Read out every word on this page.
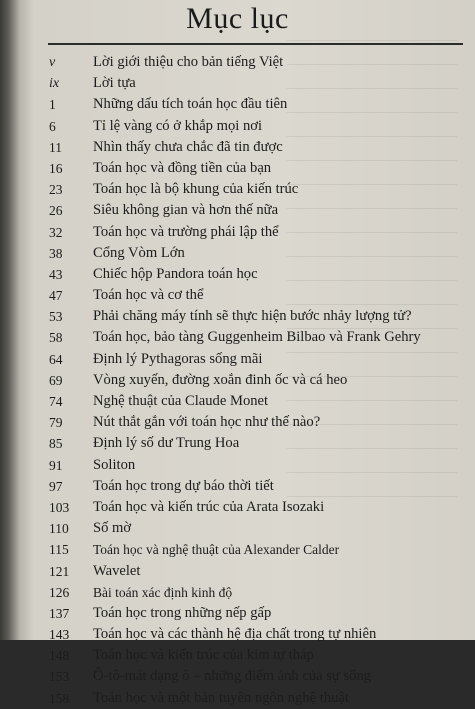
Mục lục
v	Lời giới thiệu cho bản tiếng Việt
ix Lời tựa
1	Những dấu tích toán học đầu tiên
6	Tỉ lệ vàng có ở khắp mọi nơi
11 Nhìn thấy chưa chắc đã tin được
16 Toán học và đồng tiền của bạn
23 Toán học là bộ khung của kiến trúc
26 Siêu không gian và hơn thế nữa
32 Toán học và trường phái lập thể
38 Cổng Vòm Lớn
43 Chiếc hộp Pandora toán học
47 Toán học và cơ thể
53 Phải chăng máy tính sẽ thực hiện bước nhảy lượng tử?
58 Toán học, bảo tàng Guggenheim Bilbao và Frank Gehry
64 Định lý Pythagoras sống mãi
69 Vòng xuyến, đường xoắn đinh ốc và cá heo
74 Nghệ thuật của Claude Monet
79 Nút thắt gắn với toán học như thế nào?
85 Định lý số dư Trung Hoa
91 Soliton
97 Toán học trong dự báo thời tiết
103 Toán học và kiến trúc của Arata Isozaki
110 Số mờ
115 Toán học và nghệ thuật của Alexander Calder
121 Wavelet
126 Bài toán xác định kinh độ
137 Toán học trong những nếp gấp
143 Toán học và các thành hệ địa chất trong tự nhiên
148 Toán học và kiến trúc của kim tự tháp
153 Ô-tô-mát dạng ô – những điểm ảnh của sự sống
158 Toán học và một bản tuyên ngôn nghệ thuật
